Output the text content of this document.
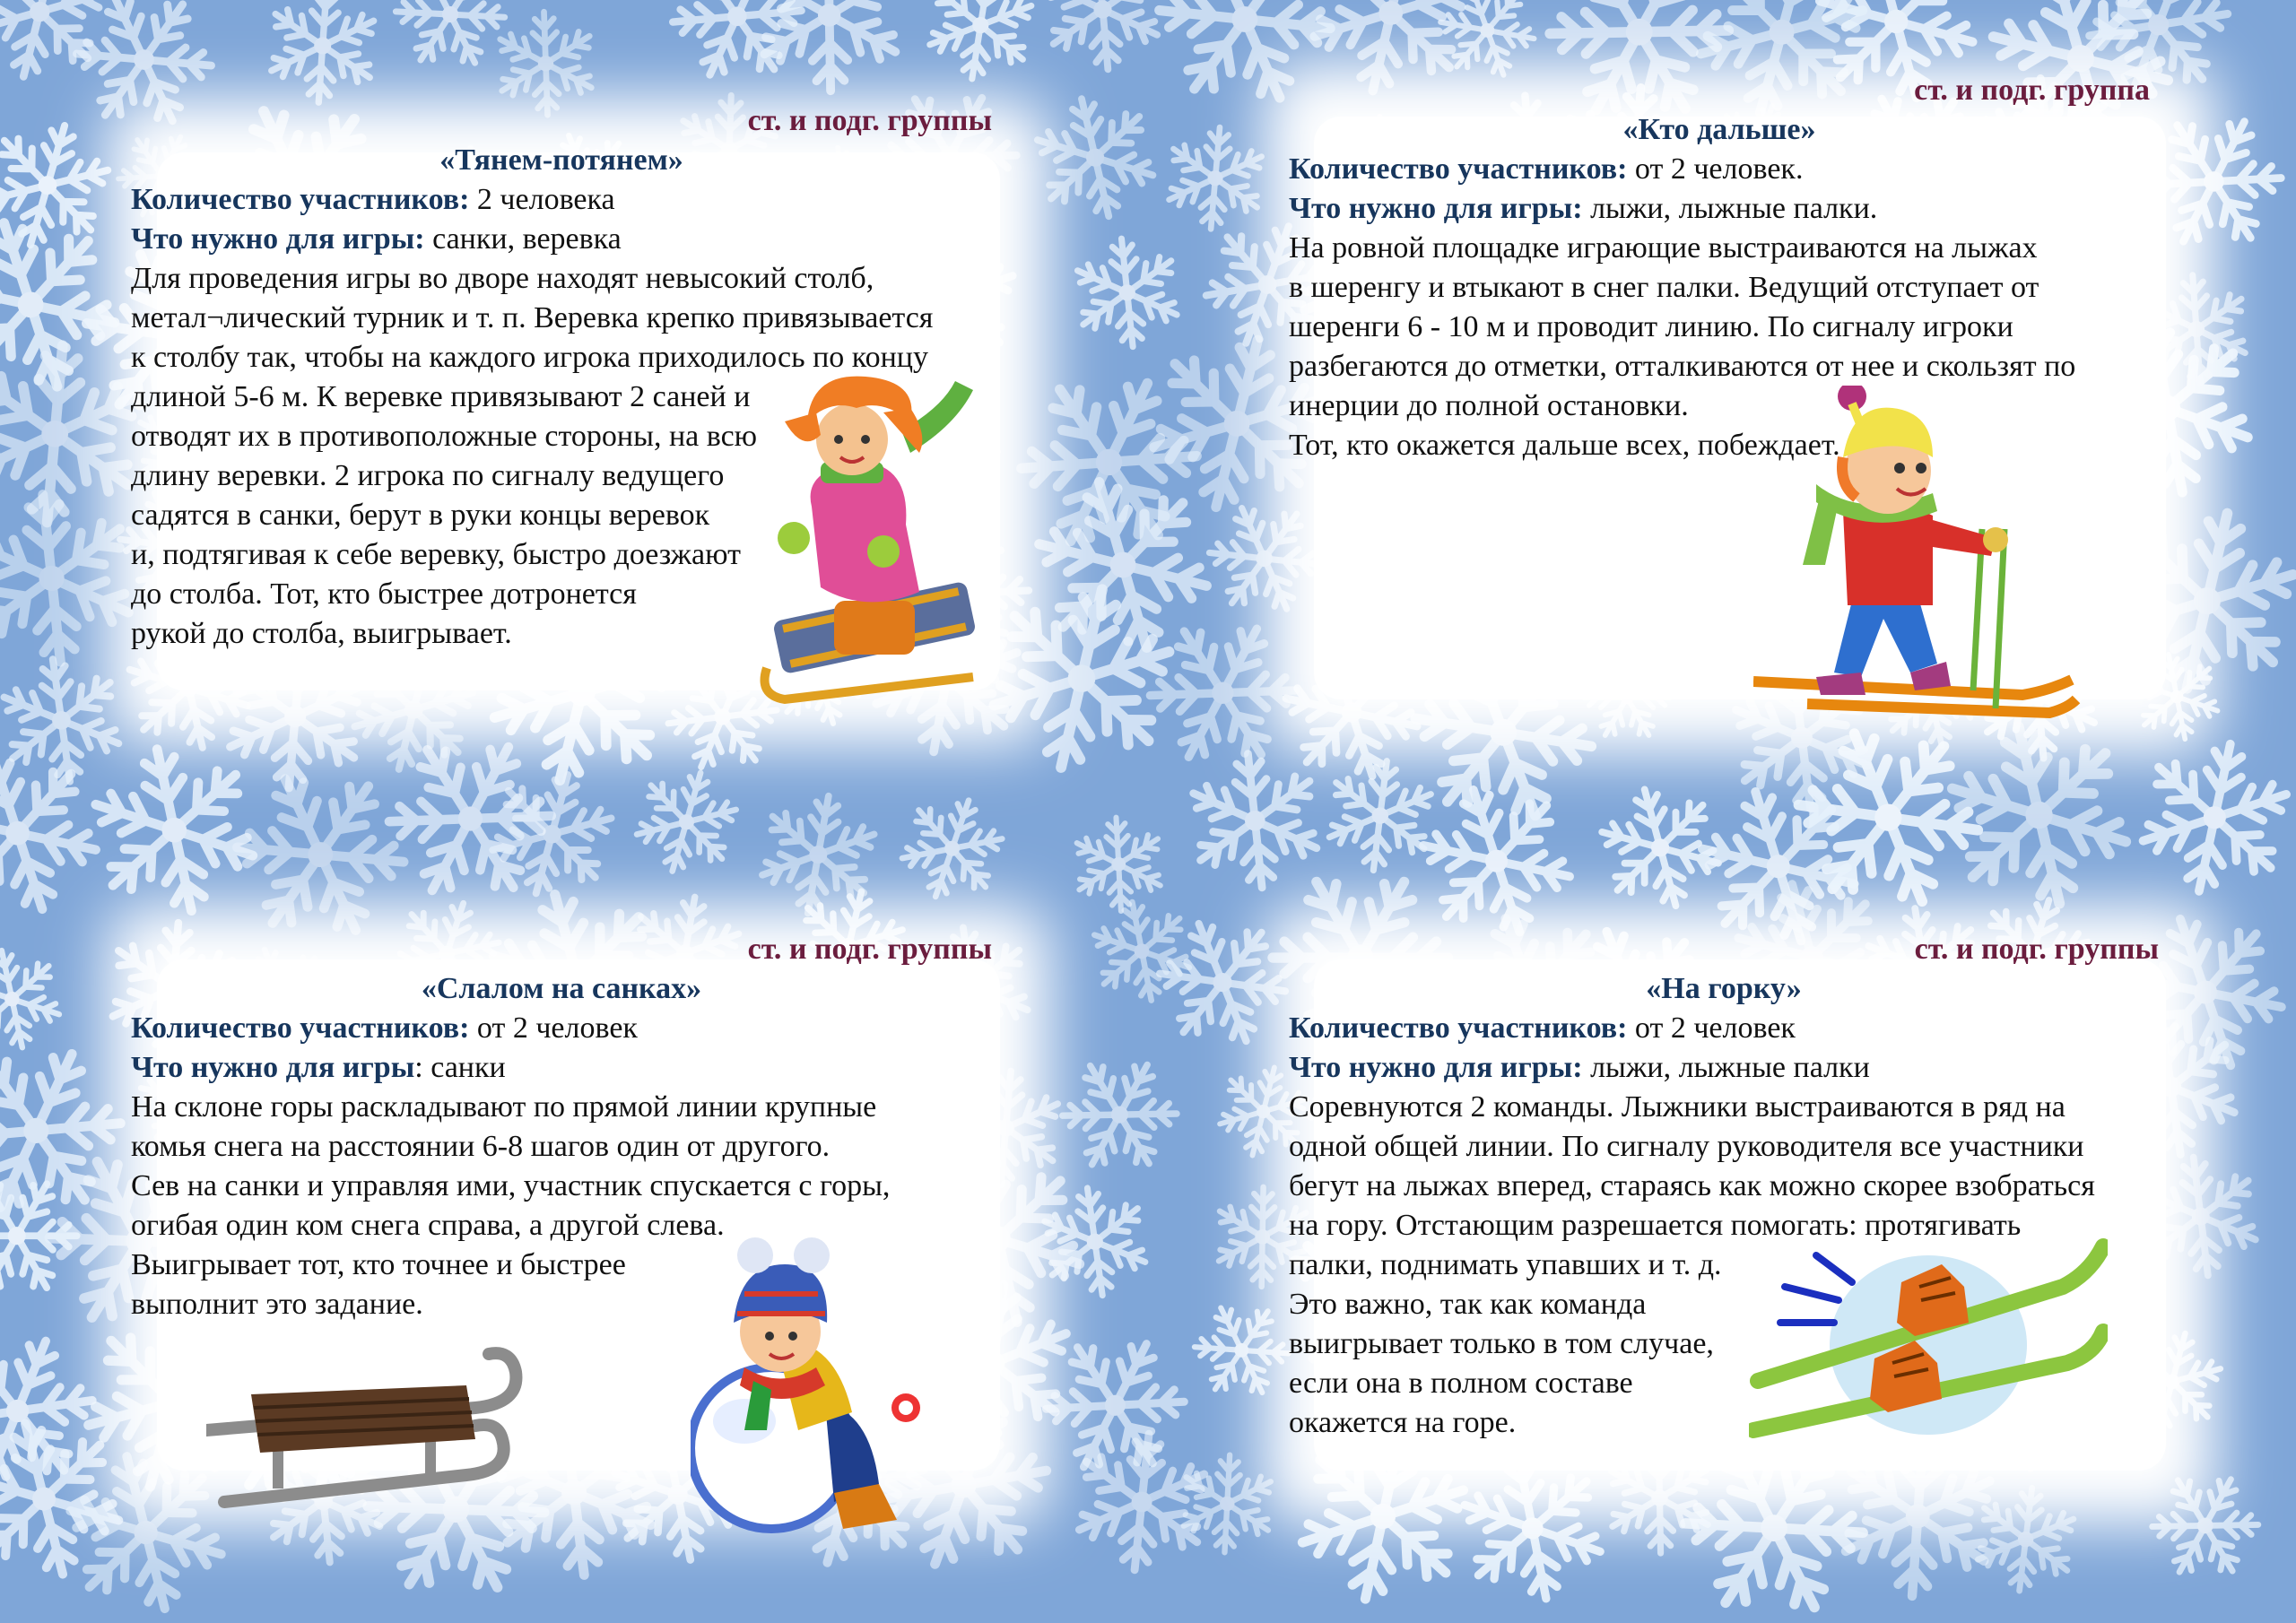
ст. и подг. группы

«Тянем-потянем»

Количество участников: 2 человека

Что нужно для игры: санки, веревка

Для проведения игры во дворе находят невысокий столб,
метал¬лический турник и т. п. Веревка крепко привязывается
к столбу так, чтобы на каждого игрока приходилось по концу
длиной 5-6 м. К веревке привязывают 2 саней и
отводят их в противоположные стороны, на всю
длину веревки. 2 игрока по сигналу ведущего
садятся в санки, берут в руки концы веревок
и, подтягивая к себе веревку, быстро доезжают
до столба. Тот, кто быстрее дотронется
рукой до столба, выигрывает.

ст. и подг. группа

«Кто дальше»

Количество участников: от 2 человек.

Что нужно для игры: лыжи, лыжные палки.

На ровной площадке играющие выстраиваются на лыжах
в шеренгу и втыкают в снег палки. Ведущий отступает от
шеренги 6 - 10 м и проводит линию. По сигналу игроки
разбегаются до отметки, отталкиваются от нее и скользят по
инерции до полной остановки.
Тот, кто окажется дальше всех, побеждает.

ст. и подг. группы

«Слалом на санках»

Количество участников: от 2 человек

Что нужно для игры: санки

На склоне горы раскладывают по прямой линии крупные
комья снега на расстоянии 6-8 шагов один от другого.
Сев на санки и управляя ими, участник спускается с горы,
огибая один ком снега справа, а другой слева.
Выигрывает тот, кто точнее и быстрее
выполнит это задание.

ст. и подг. группы

«На горку»

Количество участников: от 2 человек

Что нужно для игры: лыжи, лыжные палки

Соревнуются 2 команды. Лыжники выстраиваются в ряд на
одной общей линии. По сигналу руководителя все участники
бегут на лыжах вперед, стараясь как можно скорее взобраться
на гору. Отстающим разрешается помогать: протягивать
палки, поднимать упавших и т. д.
Это важно, так как команда
выигрывает только в том случае,
если она в полном составе
окажется на горе.
